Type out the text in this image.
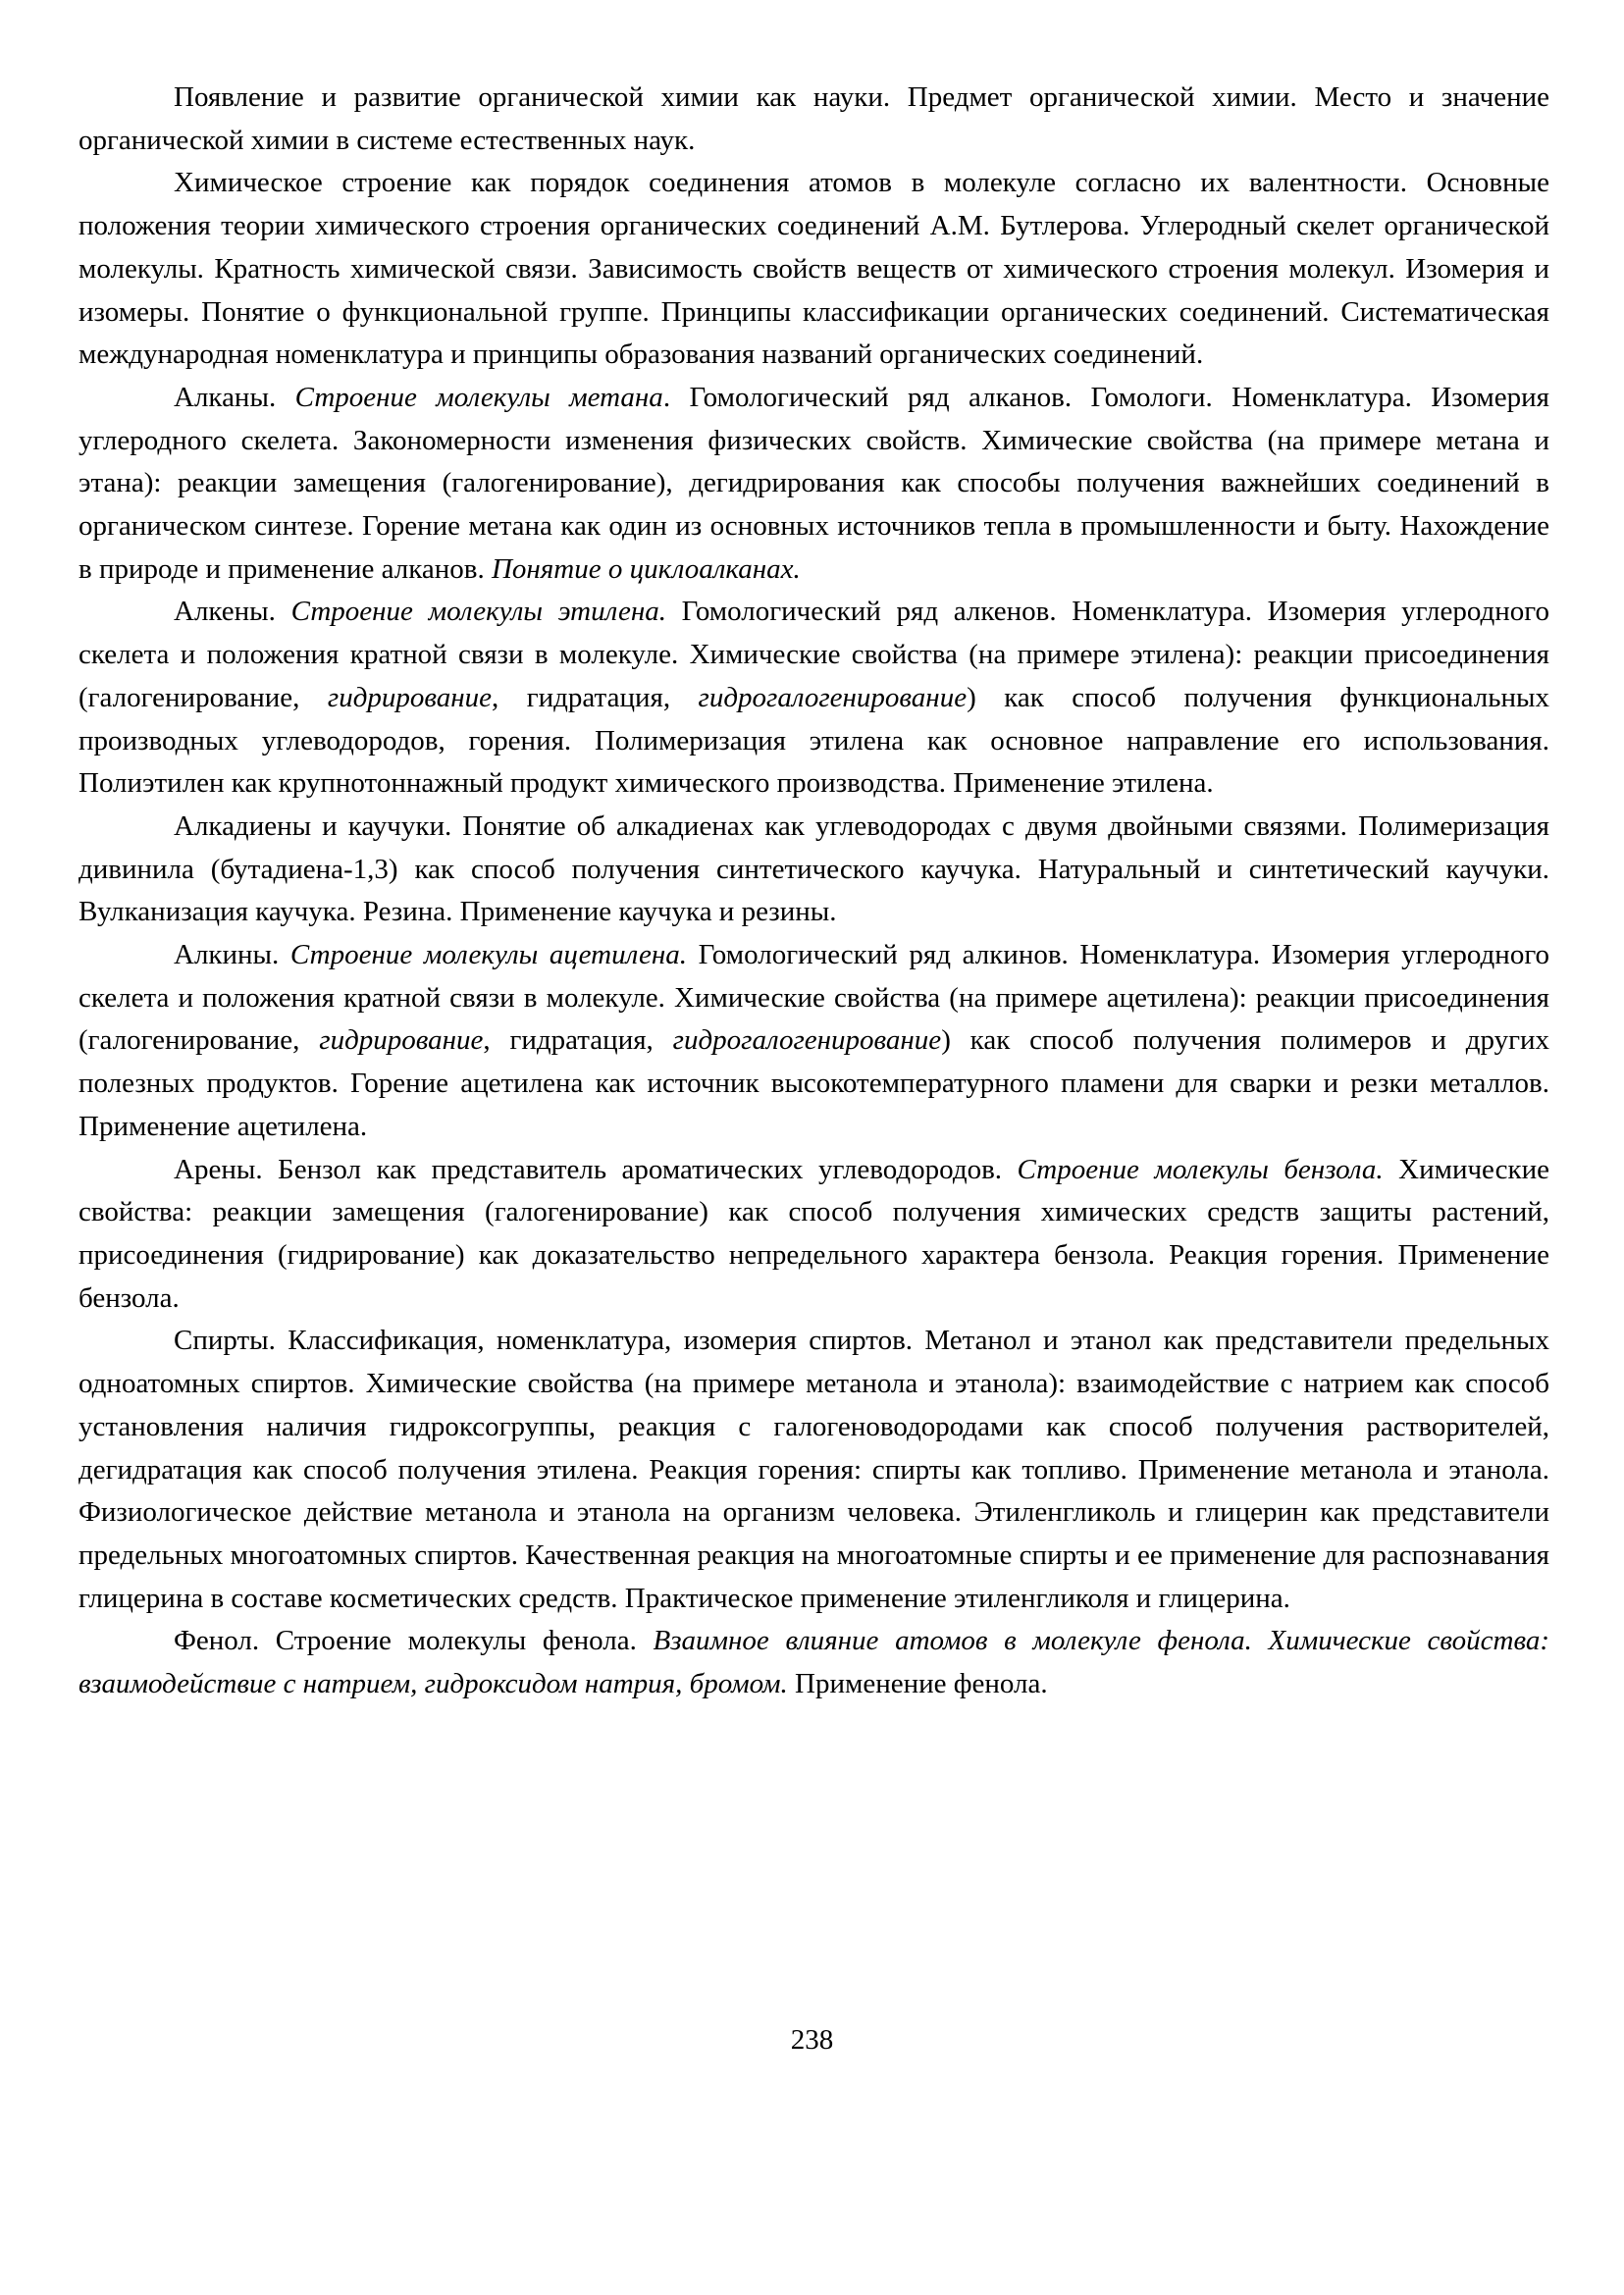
Появление и развитие органической химии как науки. Предмет органической химии. Место и значение органической химии в системе естественных наук.

Химическое строение как порядок соединения атомов в молекуле согласно их валентности. Основные положения теории химического строения органических соединений А.М. Бутлерова. Углеродный скелет органической молекулы. Кратность химической связи. Зависимость свойств веществ от химического строения молекул. Изомерия и изомеры. Понятие о функциональной группе. Принципы классификации органических соединений. Систематическая международная номенклатура и принципы образования названий органических соединений.

Алканы. Строение молекулы метана. Гомологический ряд алканов. Гомологи. Номенклатура. Изомерия углеродного скелета. Закономерности изменения физических свойств. Химические свойства (на примере метана и этана): реакции замещения (галогенирование), дегидрирования как способы получения важнейших соединений в органическом синтезе. Горение метана как один из основных источников тепла в промышленности и быту. Нахождение в природе и применение алканов. Понятие о циклоалканах.

Алкены. Строение молекулы этилена. Гомологический ряд алкенов. Номенклатура. Изомерия углеродного скелета и положения кратной связи в молекуле. Химические свойства (на примере этилена): реакции присоединения (галогенирование, гидрирование, гидратация, гидрогалогенирование) как способ получения функциональных производных углеводородов, горения. Полимеризация этилена как основное направление его использования. Полиэтилен как крупнотоннажный продукт химического производства. Применение этилена.

Алкадиены и каучуки. Понятие об алкадиенах как углеводородах с двумя двойными связями. Полимеризация дивинила (бутадиена-1,3) как способ получения синтетического каучука. Натуральный и синтетический каучуки. Вулканизация каучука. Резина. Применение каучука и резины.

Алкины. Строение молекулы ацетилена. Гомологический ряд алкинов. Номенклатура. Изомерия углеродного скелета и положения кратной связи в молекуле. Химические свойства (на примере ацетилена): реакции присоединения (галогенирование, гидрирование, гидратация, гидрогалогенирование) как способ получения полимеров и других полезных продуктов. Горение ацетилена как источник высокотемпературного пламени для сварки и резки металлов. Применение ацетилена.

Арены. Бензол как представитель ароматических углеводородов. Строение молекулы бензола. Химические свойства: реакции замещения (галогенирование) как способ получения химических средств защиты растений, присоединения (гидрирование) как доказательство непредельного характера бензола. Реакция горения. Применение бензола.

Спирты. Классификация, номенклатура, изомерия спиртов. Метанол и этанол как представители предельных одноатомных спиртов. Химические свойства (на примере метанола и этанола): взаимодействие с натрием как способ установления наличия гидроксогруппы, реакция с галогеноводородами как способ получения растворителей, дегидратация как способ получения этилена. Реакция горения: спирты как топливо. Применение метанола и этанола. Физиологическое действие метанола и этанола на организм человека. Этиленгликоль и глицерин как представители предельных многоатомных спиртов. Качественная реакция на многоатомные спирты и ее применение для распознавания глицерина в составе косметических средств. Практическое применение этиленгликоля и глицерина.

Фенол. Строение молекулы фенола. Взаимное влияние атомов в молекуле фенола. Химические свойства: взаимодействие с натрием, гидроксидом натрия, бромом. Применение фенола.

238
